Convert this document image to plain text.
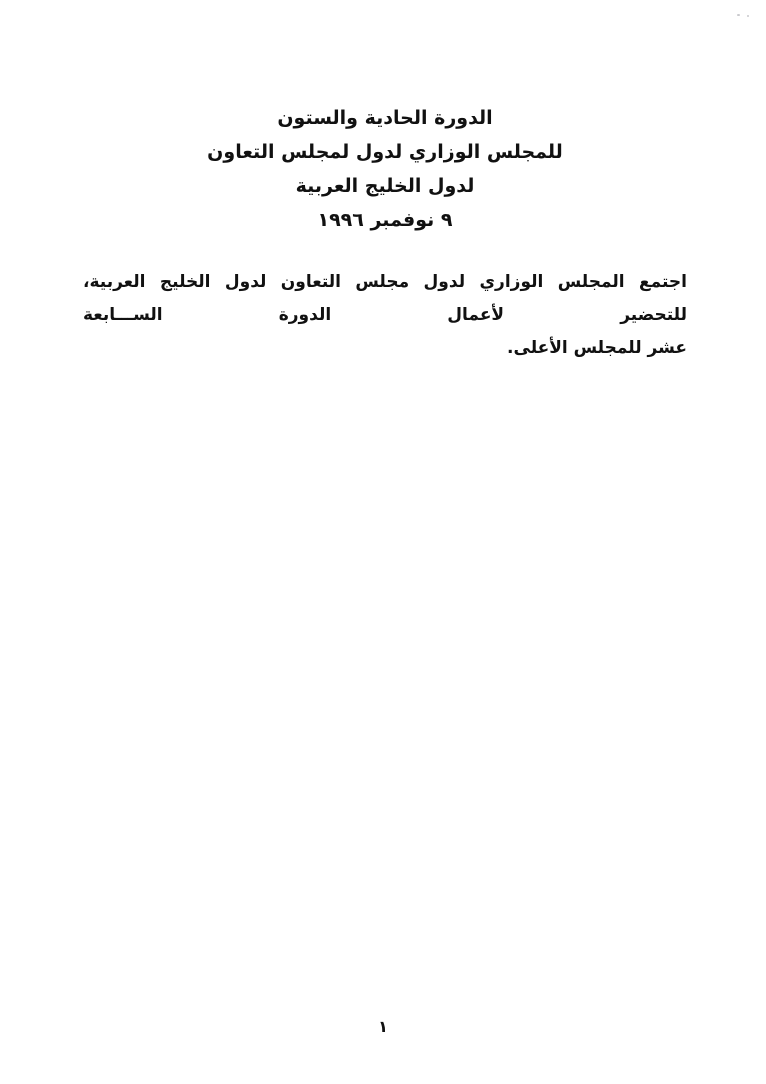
الدورة الحادية والستون
للمجلس الوزاري لدول لمجلس التعاون
لدول الخليج العربية
٩ نوفمبر ١٩٩٦
اجتمع المجلس الوزاري لدول مجلس التعاون لدول الخليج العربية، للتحضير لأعمال الدورة الســـابعة
عشر للمجلس الأعلى.
١
